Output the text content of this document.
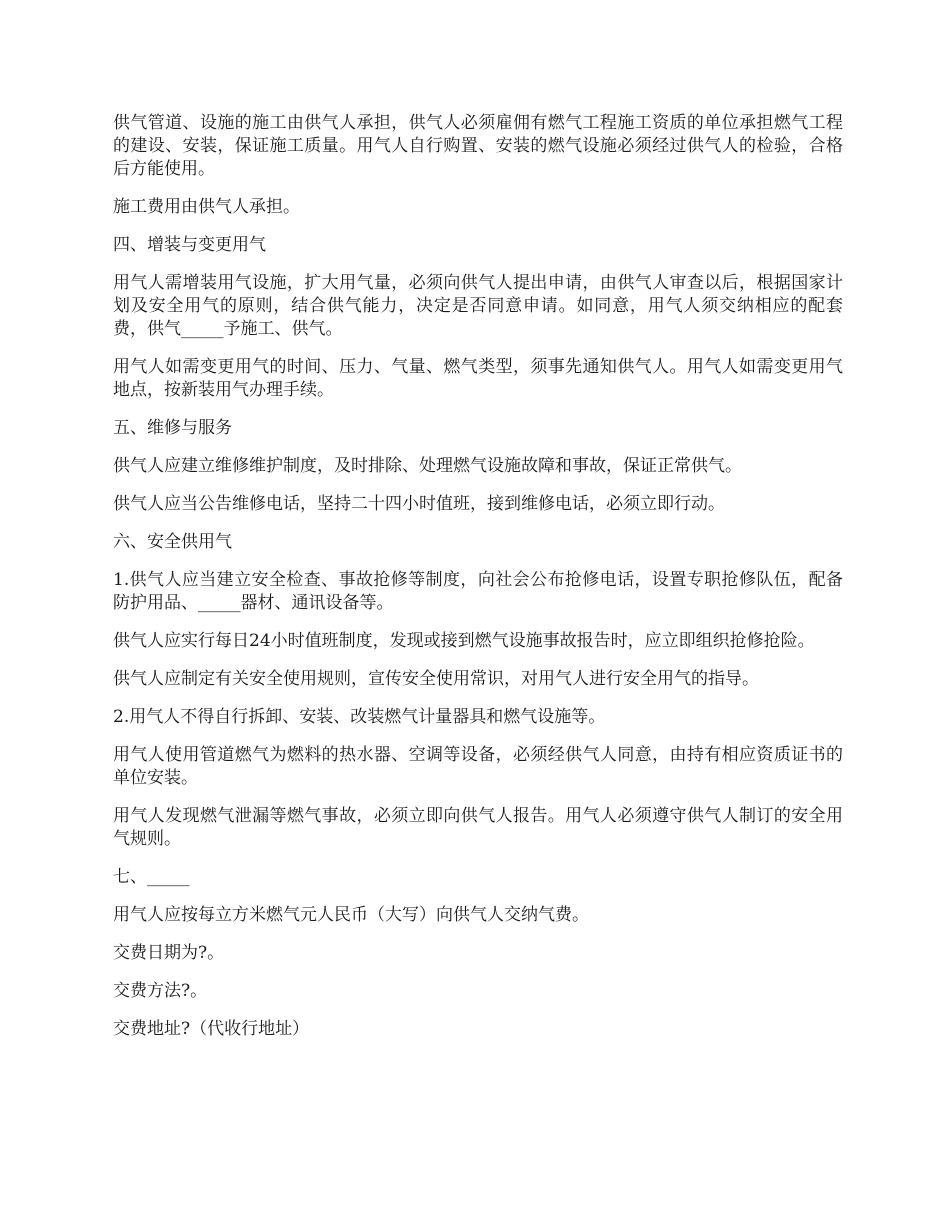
供气管道、设施的施工由供气人承担，供气人必须雇佣有燃气工程施工资质的单位承担燃气工程的建设、安装，保证施工质量。用气人自行购置、安装的燃气设施必须经过供气人的检验，合格后方能使用。

施工费用由供气人承担。

四、增装与变更用气

用气人需增装用气设施，扩大用气量，必须向供气人提出申请，由供气人审查以后，根据国家计划及安全用气的原则，结合供气能力，决定是否同意申请。如同意，用气人须交纳相应的配套费，供气_____予施工、供气。

用气人如需变更用气的时间、压力、气量、燃气类型，须事先通知供气人。用气人如需变更用气地点，按新装用气办理手续。

五、维修与服务

供气人应建立维修维护制度，及时排除、处理燃气设施故障和事故，保证正常供气。

供气人应当公告维修电话，坚持二十四小时值班，接到维修电话，必须立即行动。

六、安全供用气

1.供气人应当建立安全检查、事故抢修等制度，向社会公布抢修电话，设置专职抢修队伍，配备防护用品、_____器材、通讯设备等。

供气人应实行每日24小时值班制度，发现或接到燃气设施事故报告时，应立即组织抢修抢险。

供气人应制定有关安全使用规则，宣传安全使用常识，对用气人进行安全用气的指导。

2.用气人不得自行拆卸、安装、改装燃气计量器具和燃气设施等。

用气人使用管道燃气为燃料的热水器、空调等设备，必须经供气人同意，由持有相应资质证书的单位安装。

用气人发现燃气泄漏等燃气事故，必须立即向供气人报告。用气人必须遵守供气人制订的安全用气规则。

七、_____

用气人应按每立方米燃气元人民币（大写）向供气人交纳气费。

交费日期为?。

交费方法?。

交费地址?（代收行地址）
